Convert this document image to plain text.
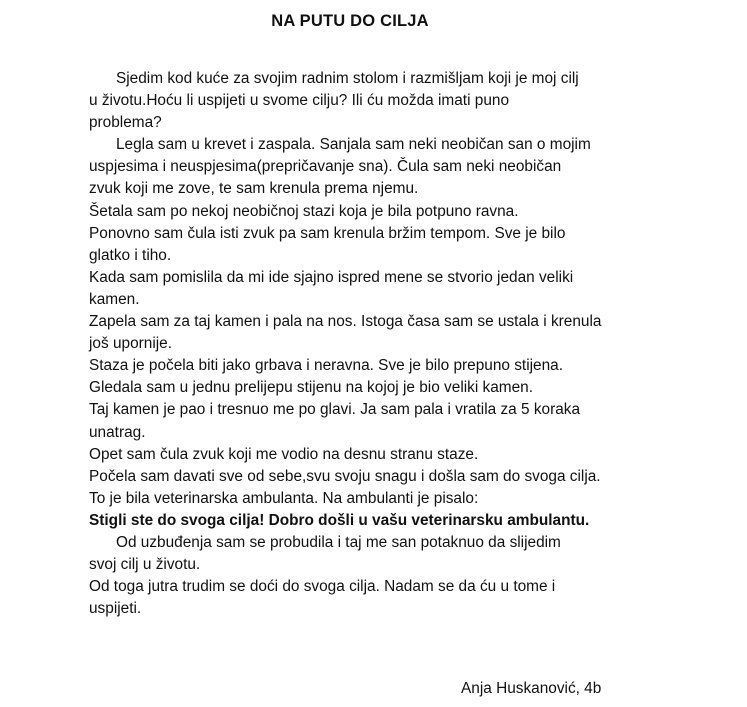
NA PUTU DO CILJA
Sjedim kod kuće za svojim radnim stolom i razmišljam koji je moj cilj
u životu.Hoću li uspijeti u svome cilju? Ili ću možda imati puno
problema?
Legla sam u krevet i zaspala. Sanjala sam neki neobičan san o mojim
uspjesima i neuspjesima(prepričavanje sna). Čula sam neki neobičan
zvuk koji me zove, te sam krenula prema njemu.
Šetala sam po nekoj neobičnoj stazi koja je bila potpuno ravna.
Ponovno sam čula isti zvuk pa sam krenula bržim tempom. Sve je bilo
glatko i tiho.
Kada sam pomislila da mi ide sjajno ispred mene se stvorio jedan veliki
kamen.
Zapela sam za taj kamen i pala na nos. Istoga časa sam se ustala i krenula
još upornije.
Staza je počela biti jako grbava i neravna. Sve je bilo prepuno stijena.
Gledala sam u jednu prelijepu stijenu na kojoj je bio veliki kamen.
Taj kamen je pao i tresnuo me po glavi. Ja sam pala i vratila za 5 koraka
unatrag.
Opet sam čula zvuk koji me vodio na desnu stranu staze.
Počela sam davati sve od sebe,svu svoju snagu i došla sam do svoga cilja.
To je bila veterinarska ambulanta. Na ambulanti je pisalo:
Stigli ste do svoga cilja! Dobro došli u vašu veterinarsku ambulantu.
Od uzbuđenja sam se probudila i taj me san potaknuo da slijedim
svoj cilj u životu.
Od toga jutra trudim se doći do svoga cilja. Nadam se da ću u tome i
uspijeti.
Anja Huskanović, 4b
